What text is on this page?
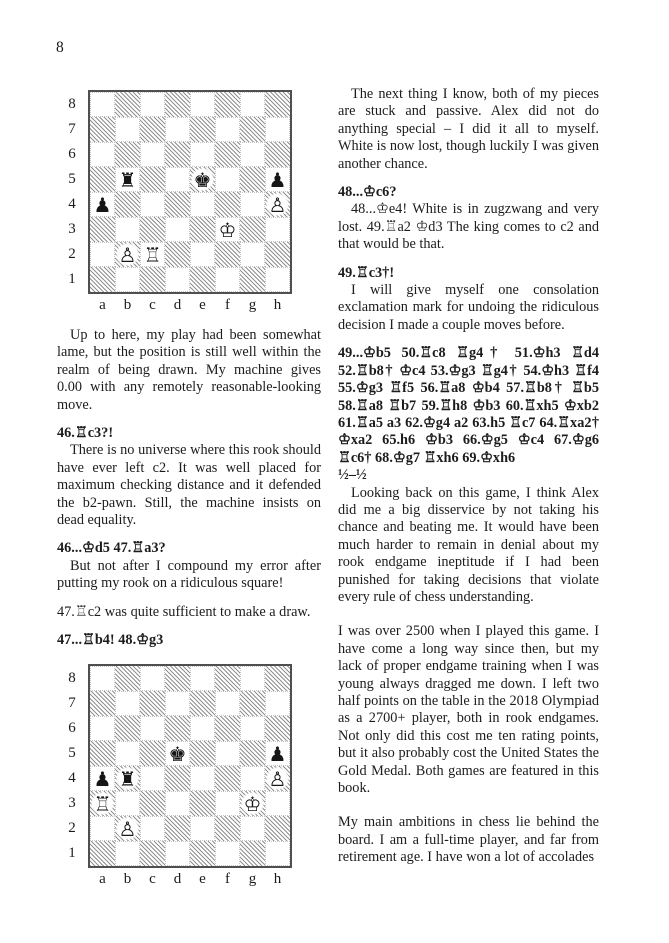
8
8
7
6
5
4
3
2
1
♜	♚	♟
♟	♙
♔
♙ ♖
a	b	c	d	e	f	g	h

The next thing I know, both of my pieces are stuck and passive. Alex did not do anything special – I did it all to myself. White is now lost, though luckily I was given another chance.

48...♔c6?

48...♔e4! White is in zugzwang and very lost. 49.♖a2 ♔d3 The king comes to c2 and that would be that.

49.♖c3†!

I will give myself one consolation exclamation mark for undoing the ridiculous decision I made a couple moves before.

49...♔b5 50.♖c8 ♖g4† 51.♔h3 ♖d4 52.♖b8† ♔c4 53.♔g3 ♖g4† 54.♔h3 ♖f4 55.♔g3 ♖f5 56.♖a8 ♔b4 57.♖b8† ♖b5 58.♖a8 ♖b7 59.♖h8 ♔b3 60.♖xh5 ♔xb2 61.♖a5 a3 62.♔g4 a2 63.h5 ♖c7 64.♖xa2† ♔xa2 65.h6 ♔b3 66.♔g5 ♔c4 67.♔g6 ♖c6† 68.♔g7 ♖xh6 69.♔xh6

½–½

Looking back on this game, I think Alex did me a big disservice by not taking his chance and beating me. It would have been much harder to remain in denial about my rook endgame ineptitude if I had been punished for taking decisions that violate every rule of chess understanding.

I was over 2500 when I played this game. I have come a long way since then, but my lack of proper endgame training when I was young always dragged me down. I left two half points on the table in the 2018 Olympiad as a 2700+ player, both in rook endgames. Not only did this cost me ten rating points, but it also probably cost the United States the Gold Medal. Both games are featured in this book.

My main ambitions in chess lie behind the board. I am a full-time player, and far from retirement age. I have won a lot of accolades

Up to here, my play had been somewhat lame, but the position is still well within the realm of being drawn. My machine gives 0.00 with any remotely reasonable-looking move.

46.♖c3?!

There is no universe where this rook should have ever left c2. It was well placed for maximum checking distance and it defended the b2-pawn. Still, the machine insists on dead equality.

46...♔d5 47.♖a3?

But not after I compound my error after putting my rook on a ridiculous square!

47.♖c2 was quite sufficient to make a draw.

47...♖b4! 48.♔g3

8
7
6
5
4
3
2
1
♚	♟
♟ ♜	♙
♖	♔
♙
a	b	c	d	e	f	g	h
